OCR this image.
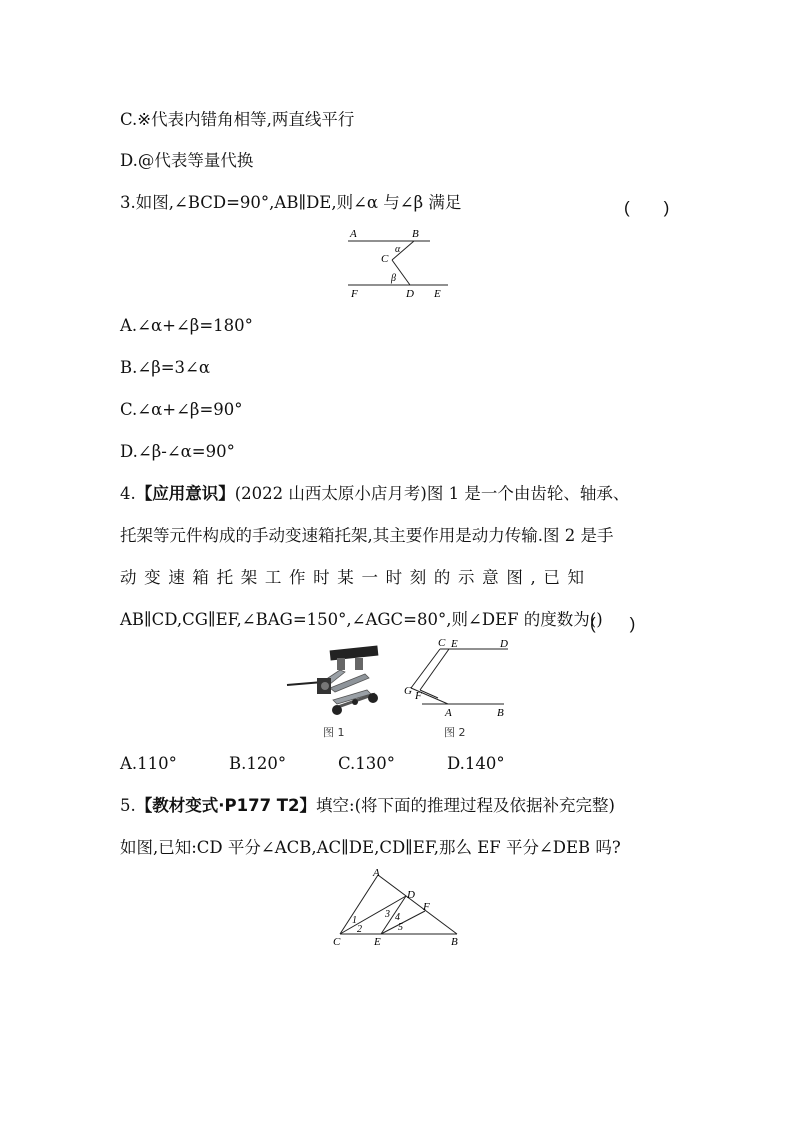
C.※代表内错角相等,两直线平行
D.@代表等量代换
3.如图,∠BCD=90°,AB∥DE,则∠α 与∠β 满足	(　　)
A	B
α
C
β
F	D E
A.∠α+∠β=180°
B.∠β=3∠α
C.∠α+∠β=90°
D.∠β-∠α=90°
4.【应用意识】(2022 山西太原小店月考)图 1 是一个由齿轮、轴承、
托架等元件构成的手动变速箱托架,其主要作用是动力传输.图 2 是手
动 变 速 箱 托 架 工 作 时 某 一 时 刻 的 示 意 图 , 已 知
AB∥CD,CG∥EF,∠BAG=150°,∠AGC=80°,则∠DEF 的度数为()
(　　)
图 1
C E	D
G F
A	B
图 2
A.110°	B.120°	C.130°	D.140°
5.【教材变式·P177 T2】填空:(将下面的推理过程及依据补充完整)
如图,已知:CD 平分∠ACB,AC∥DE,CD∥EF,那么 EF 平分∠DEB 吗?
A
D
F
C	E	B
1
2
3 4
5
